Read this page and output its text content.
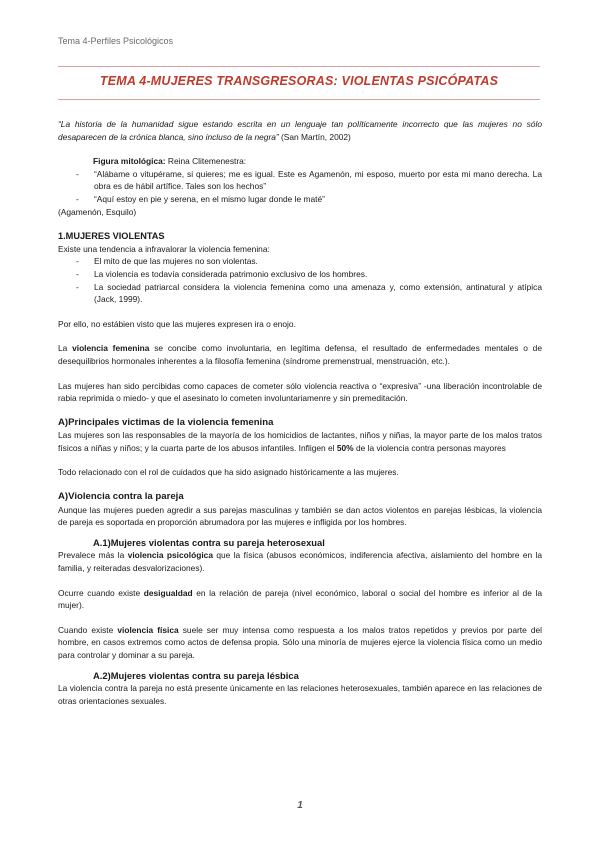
Tema 4-Perfiles Psicológicos
TEMA 4-MUJERES TRANSGRESORAS: VIOLENTAS PSICÓPATAS

“La historia de la humanidad sigue estando escrita en un lenguaje tan políticamente incorrecto que las mujeres no sólo desaparecen de la crónica blanca, sino incluso de la negra” (San Martín, 2002)

Figura mitológica: Reina Clitemenestra:

- “Alábame o vitupérame, si quieres; me es igual. Este es Agamenón, mi esposo, muerto por esta mi mano derecha. La obra es de hábil artífice. Tales son los hechos”
- “Aquí estoy en pie y serena, en el mismo lugar donde le maté”

(Agamenón, Esquilo)

1.MUJERES VIOLENTAS

Existe una tendencia a infravalorar la violencia femenina:

- El mito de que las mujeres no son violentas.
- La violencia es todavía considerada patrimonio exclusivo de los hombres.
- La sociedad patriarcal considera la violencia femenina como una amenaza y, como extensión, antinatural y atípica (Jack, 1999).

Por ello, no estábien visto que las mujeres expresen ira o enojo.

La violencia femenina se concibe como involuntaria, en legítima defensa, el resultado de enfermedades mentales o de desequilibrios hormonales inherentes a la filosofía femenina (síndrome premenstrual, menstruación, etc.).

Las mujeres han sido percibidas como capaces de cometer sólo violencia reactiva o “expresiva” -una liberación incontrolable de rabia reprimida o miedo- y que el asesinato lo cometen involuntariamenre y sin premeditación.

A)Principales victimas de la violencia femenina

Las mujeres son las responsables de la mayoría de los homicidios de lactantes, niños y niñas, la mayor parte de los malos tratos físicos a niñas y niños; y la cuarta parte de los abusos infantiles. Infligen el 50% de la violencia contra personas mayores

Todo relacionado con el rol de cuidados que ha sido asignado históricamente a las mujeres.

A)Violencia contra la pareja

Aunque las mujeres pueden agredir a sus parejas masculinas y también se dan actos violentos en parejas lésbicas, la violencia de pareja es soportada en proporción abrumadora por las mujeres e infligida por los hombres.

A.1)Mujeres violentas contra su pareja heterosexual

Prevalece más la violencia psicológica que la física (abusos económicos, indiferencia afectiva, aislamiento del hombre en la familia, y reiteradas desvalorizaciones).

Ocurre cuando existe desigualdad en la relación de pareja (nivel económico, laboral o social del hombre es inferior al de la mujer).

Cuando existe violencia física suele ser muy intensa como respuesta a los malos tratos repetidos y previos por parte del hombre, en casos extremos como actos de defensa propia. Sólo una minoría de mujeres ejerce la violencia física como un medio para controlar y dominar a su pareja.

A.2)Mujeres violentas contra su pareja lésbica

La violencia contra la pareja no está presente únicamente en las relaciones heterosexuales, también aparece en las relaciones de otras orientaciones sexuales.

1
